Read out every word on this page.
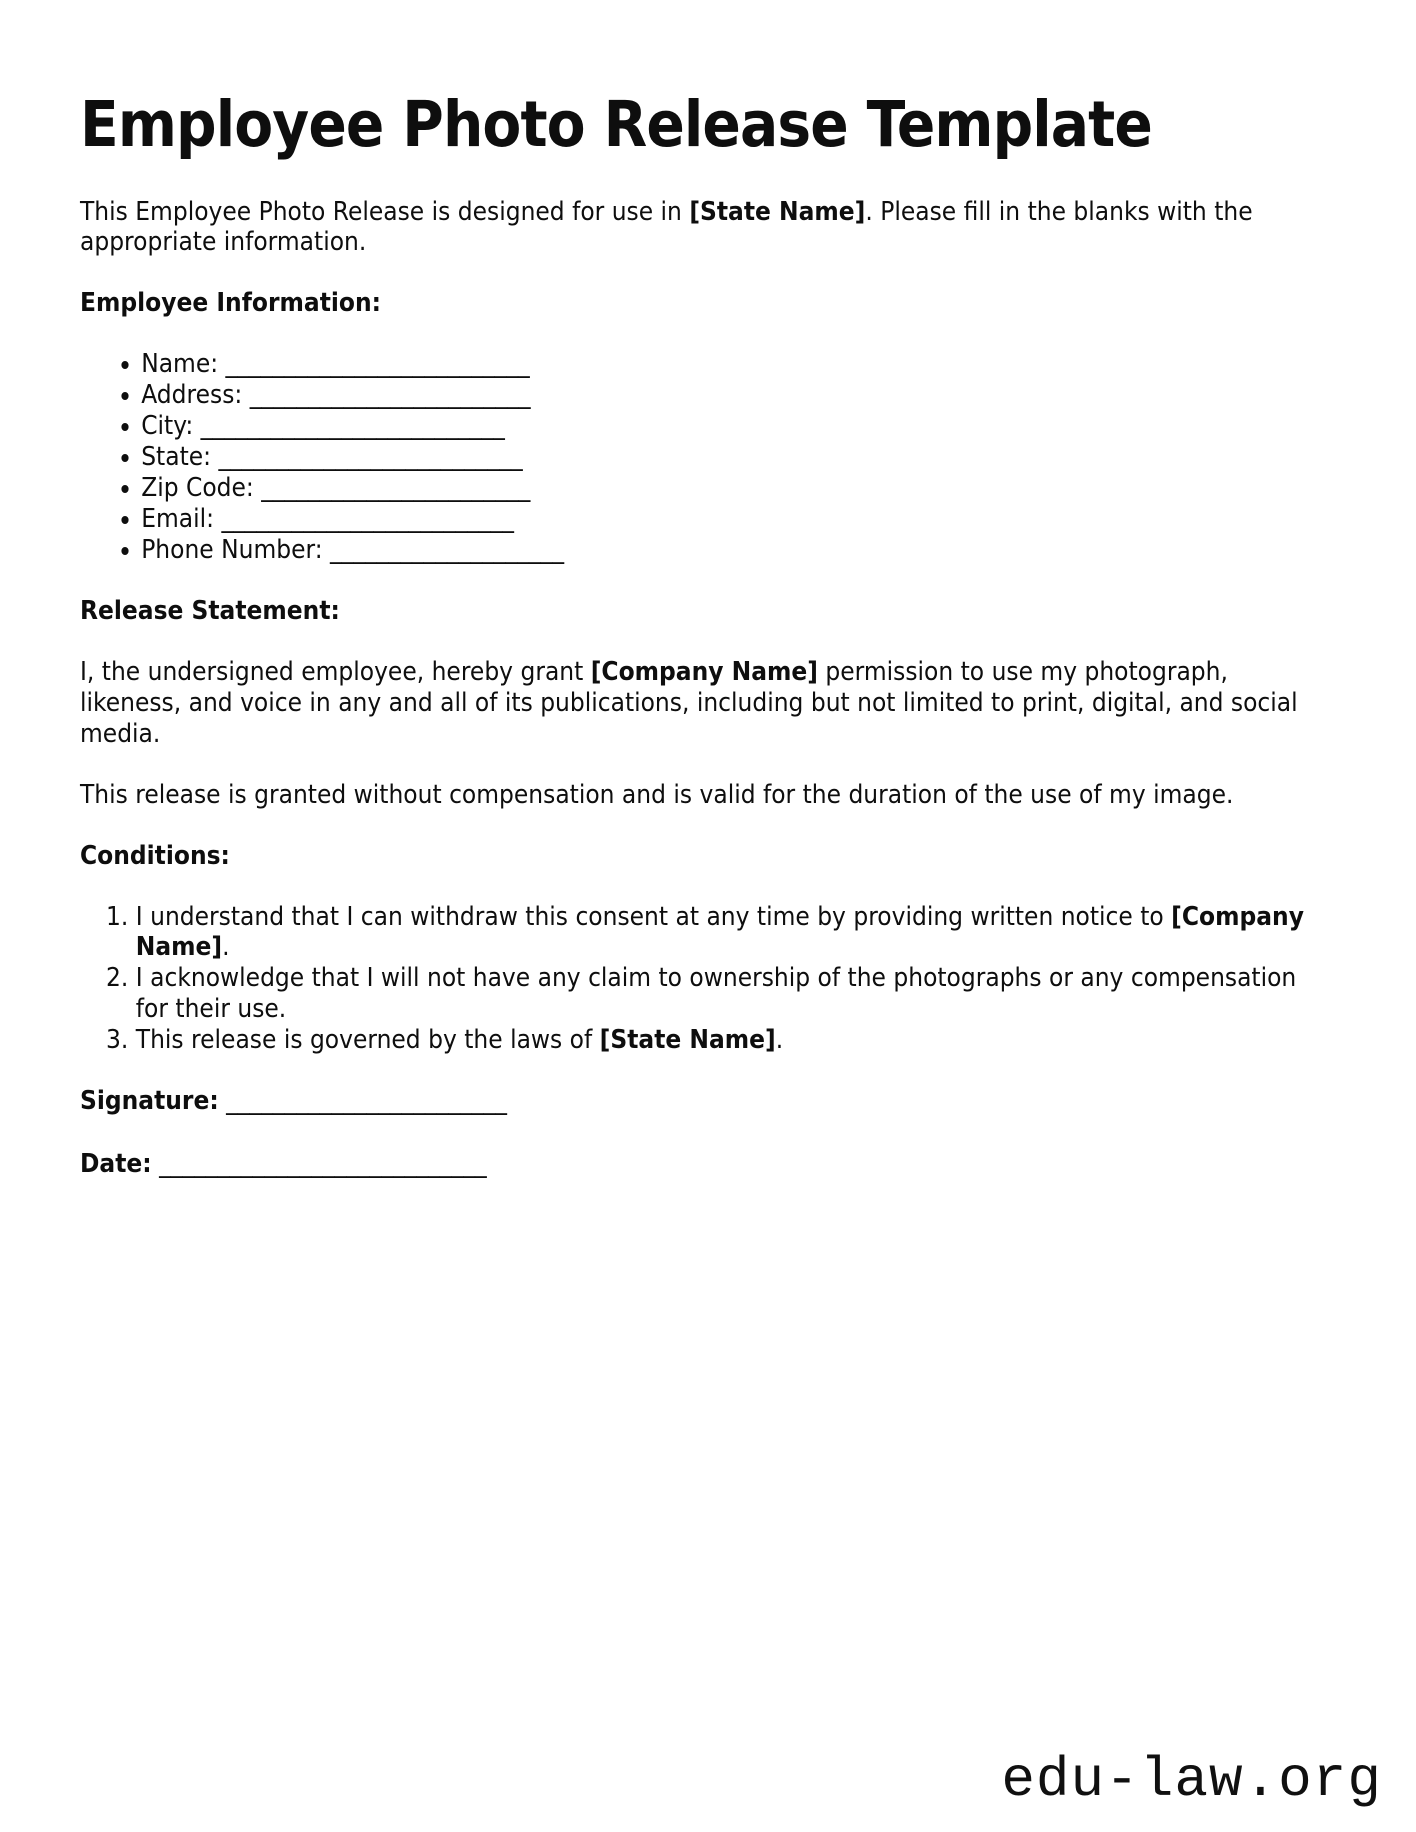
Employee Photo Release Template

This Employee Photo Release is designed for use in [State Name]. Please fill in the blanks with the appropriate information.

Employee Information:

• Name: __________________________
• Address: ________________________
• City: __________________________
• State: __________________________
• Zip Code: _______________________
• Email: _________________________
• Phone Number: ____________________

Release Statement:

I, the undersigned employee, hereby grant [Company Name] permission to use my photograph, likeness, and voice in any and all of its publications, including but not limited to print, digital, and social media.

This release is granted without compensation and is valid for the duration of the use of my image.

Conditions:

1. I understand that I can withdraw this consent at any time by providing written notice to [Company Name].
2. I acknowledge that I will not have any claim to ownership of the photographs or any compensation for their use.
3. This release is governed by the laws of [State Name].

Signature: ________________________

Date: ____________________________

edu-law.org
